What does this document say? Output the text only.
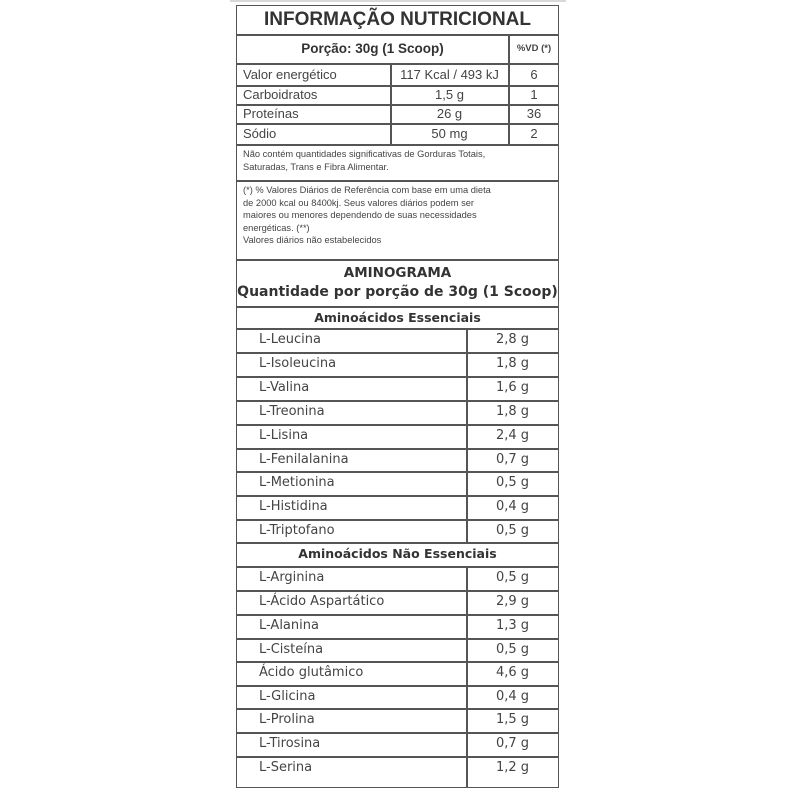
INFORMAÇÃO NUTRICIONAL
Porção: 30g (1 Scoop)	%VD (*)
Valor energético	117 Kcal / 493 kJ	6
Carboidratos	1,5 g	1
Proteínas	26 g	36
Sódio	50 mg	2
Não contém quantidades significativas de Gorduras Totais,
Saturadas, Trans e Fibra Alimentar.
(*) % Valores Diários de Referência com base em uma dieta
de 2000 kcal ou 8400kj. Seus valores diários podem ser
maiores ou menores dependendo de suas necessidades
energéticas. (**)
Valores diários não estabelecidos
AMINOGRAMA
Quantidade por porção de 30g (1 Scoop)
Aminoácidos Essenciais
L-Leucina	2,8 g
L-Isoleucina	1,8 g
L-Valina	1,6 g
L-Treonina	1,8 g
L-Lisina	2,4 g
L-Fenilalanina	0,7 g
L-Metionina	0,5 g
L-Histidina	0,4 g
L-Triptofano	0,5 g
Aminoácidos Não Essenciais
L-Arginina	0,5 g
L-Ácido Aspartático	2,9 g
L-Alanina	1,3 g
L-Cisteína	0,5 g
Ácido glutâmico	4,6 g
L-Glicina	0,4 g
L-Prolina	1,5 g
L-Tirosina	0,7 g
L-Serina	1,2 g
